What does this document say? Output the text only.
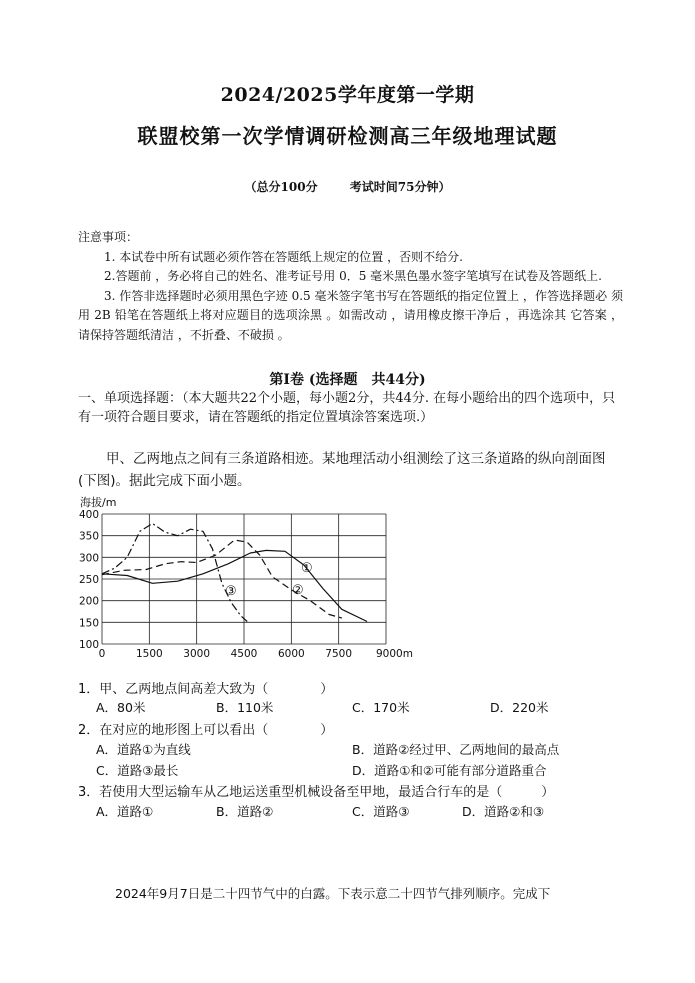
2024/2025学年度第一学期
联盟校第一次学情调研检测高三年级地理试题
（总分100分	考试时间75分钟）

注意事项：

1. 本试卷中所有试题必须作答在答题纸上规定的位置 ，否则不给分.

2.答题前 ，务必将自己的姓名、准考证号用 0．5 毫米黑色墨水签字笔填写在试卷及答题纸上.

3. 作答非选择题时必须用黑色字迹 0.5 毫米签字笔书写在答题纸的指定位置上 ，作答选择题必 须用 2B 铅笔在答题纸上将对应题目的选项涂黑 。如需改动 ，请用橡皮擦干净后 ，再选涂其 它答案 ，请保持答题纸清洁 ，不折叠、不破损 。

第Ⅰ卷 (选择题　共44分)
一、单项选择题：（本大题共22个小题，每小题2分，共44分. 在每小题给出的四个选项中，只有一项符合题目要求，请在答题纸的指定位置填涂答案选项.）
甲、乙两地点之间有三条道路相迹。某地理活动小组测绘了这三条道路的纵向剖面图(下图)。据此完成下面小题。
0	1500 3000 4500 6000 7500 9000m
400
350
300
250
200
150
100
海拔/m
①
②
③
1．甲、乙两地点间高差大致为（　　　　）
A．80米	B．110米	C．170米	D．220米
2．在对应的地形图上可以看出（　　　　）
A．道路①为直线	B．道路②经过甲、乙两地间的最高点
C．道路③最长	D．道路①和②可能有部分道路重合
3．若使用大型运输车从乙地运送重型机械设备至甲地，最适合行车的是（　　　）
A．道路①	B．道路②	C．道路③	D．道路②和③
2024年9月7日是二十四节气中的白露。下表示意二十四节气排列顺序。完成下
